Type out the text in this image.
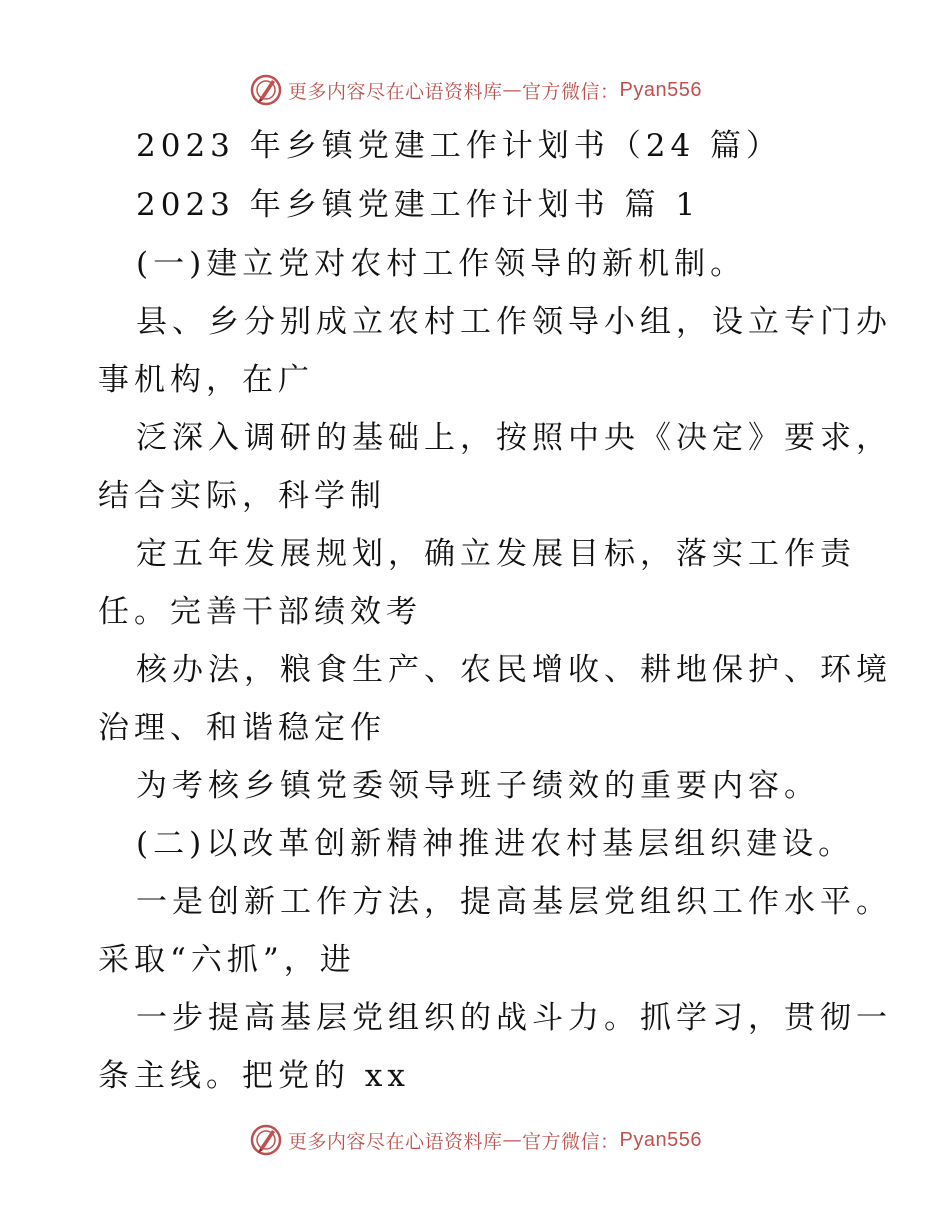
更多内容尽在心语资料库 — 官方微信： Pyan556
2023 年乡镇党建工作计划书（24 篇）
2023 年乡镇党建工作计划书 篇 1
(一)建立党对农村工作领导的新机制。
县、乡分别成立农村工作领导小组，设立专门办
事机构，在广
泛深入调研的基础上，按照中央《决定》要求，
结合实际，科学制
定五年发展规划，确立发展目标，落实工作责
任。完善干部绩效考
核办法，粮食生产、农民增收、耕地保护、环境
治理、和谐稳定作
为考核乡镇党委领导班子绩效的重要内容。
(二)以改革创新精神推进农村基层组织建设。
一是创新工作方法，提高基层党组织工作水平。
采取“六抓”，进
一步提高基层党组织的战斗力。抓学习，贯彻一
条主线。把党的 xx
更多内容尽在心语资料库 — 官方微信： Pyan556
